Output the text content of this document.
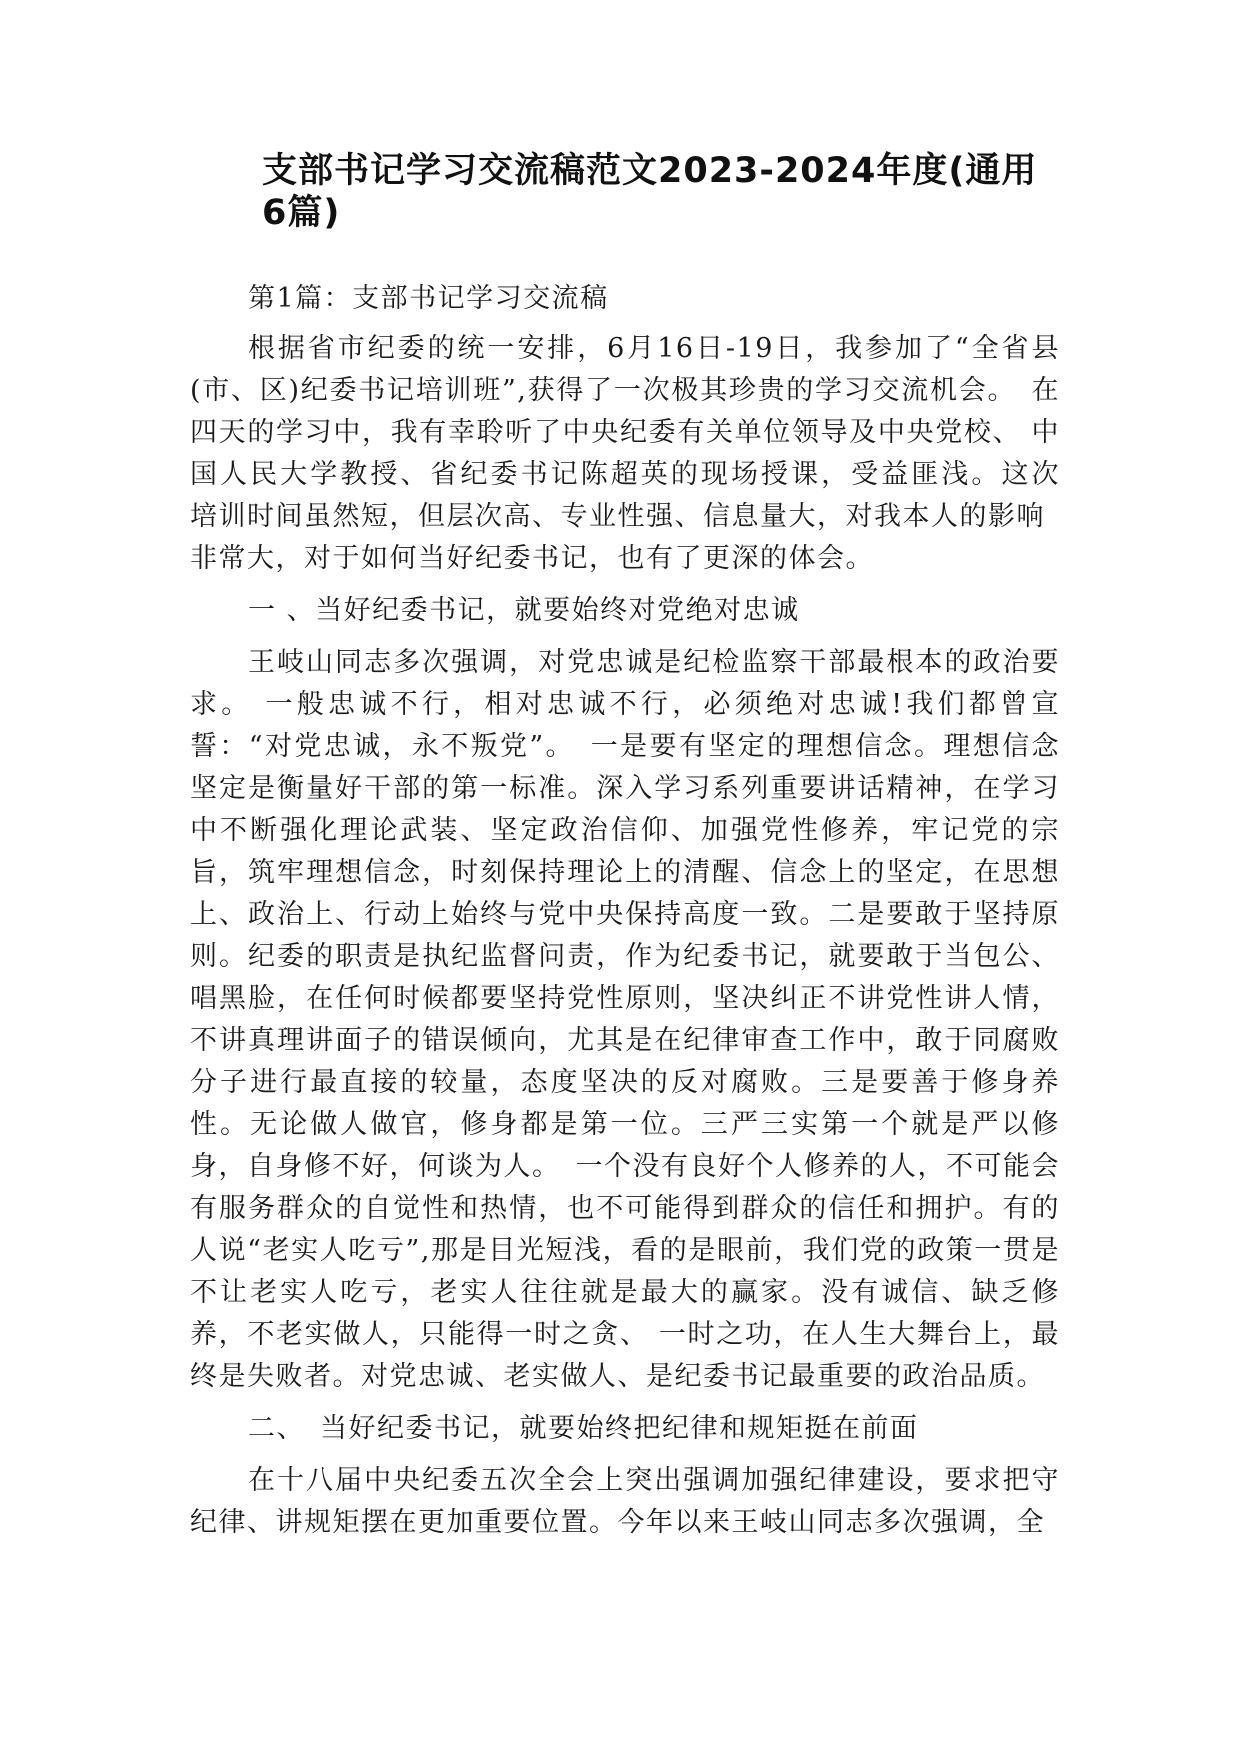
支部书记学习交流稿范文2023-2024年度(通用6篇)

第1篇：支部书记学习交流稿

根据省市纪委的统一安排，6月16日-19日，我参加了“全省县 (市、区)纪委书记培训班”,获得了一次极其珍贵的学习交流机会。　在四天的学习中，我有幸聆听了中央纪委有关单位领导及中央党校、 中国人民大学教授、省纪委书记陈超英的现场授课，受益匪浅。这次　培训时间虽然短，但层次高、专业性强、信息量大，对我本人的影响

非常大，对于如何当好纪委书记，也有了更深的体会。

一 、当好纪委书记，就要始终对党绝对忠诚

王岐山同志多次强调，对党忠诚是纪检监察干部最根本的政治要求。 一般忠诚不行，相对忠诚不行，必须绝对忠诚!我们都曾宣誓：“对党忠诚，永不叛党”。　一是要有坚定的理想信念。理想信念坚定是衡量好干部的第一标准。深入学习系列重要讲话精神，在学习中不断强化理论武装、坚定政治信仰、加强党性修养，牢记党的宗旨，筑牢理想信念，时刻保持理论上的清醒、信念上的坚定，在思想上、政治上、行动上始终与党中央保持高度一致。二是要敢于坚持原则。纪委的职责是执纪监督问责，作为纪委书记，就要敢于当包公、唱黑脸，在任何时候都要坚持党性原则，坚决纠正不讲党性讲人情，不讲真理讲面子的错误倾向，尤其是在纪律审查工作中，敢于同腐败分子进行最直接的较量，态度坚决的反对腐败。三是要善于修身养性。无论做人做官，修身都是第一位。三严三实第一个就是严以修身，自身修不好，何谈为人。　一个没有良好个人修养的人，不可能会有服务群众的自觉性和热情，也不可能得到群众的信任和拥护。有的人说“老实人吃亏”,那是目光短浅，看的是眼前，我们党的政策一贯是不让老实人吃亏，老实人往往就是最大的赢家。没有诚信、缺乏修养，不老实做人，只能得一时之贪、 一时之功，在人生大舞台上，最终是失败者。对党忠诚、老实做人、是纪委书记最重要的政治品质。

二、　当好纪委书记，就要始终把纪律和规矩挺在前面

在十八届中央纪委五次全会上突出强调加强纪律建设，要求把守纪律、讲规矩摆在更加重要位置。今年以来王岐山同志多次强调，全
